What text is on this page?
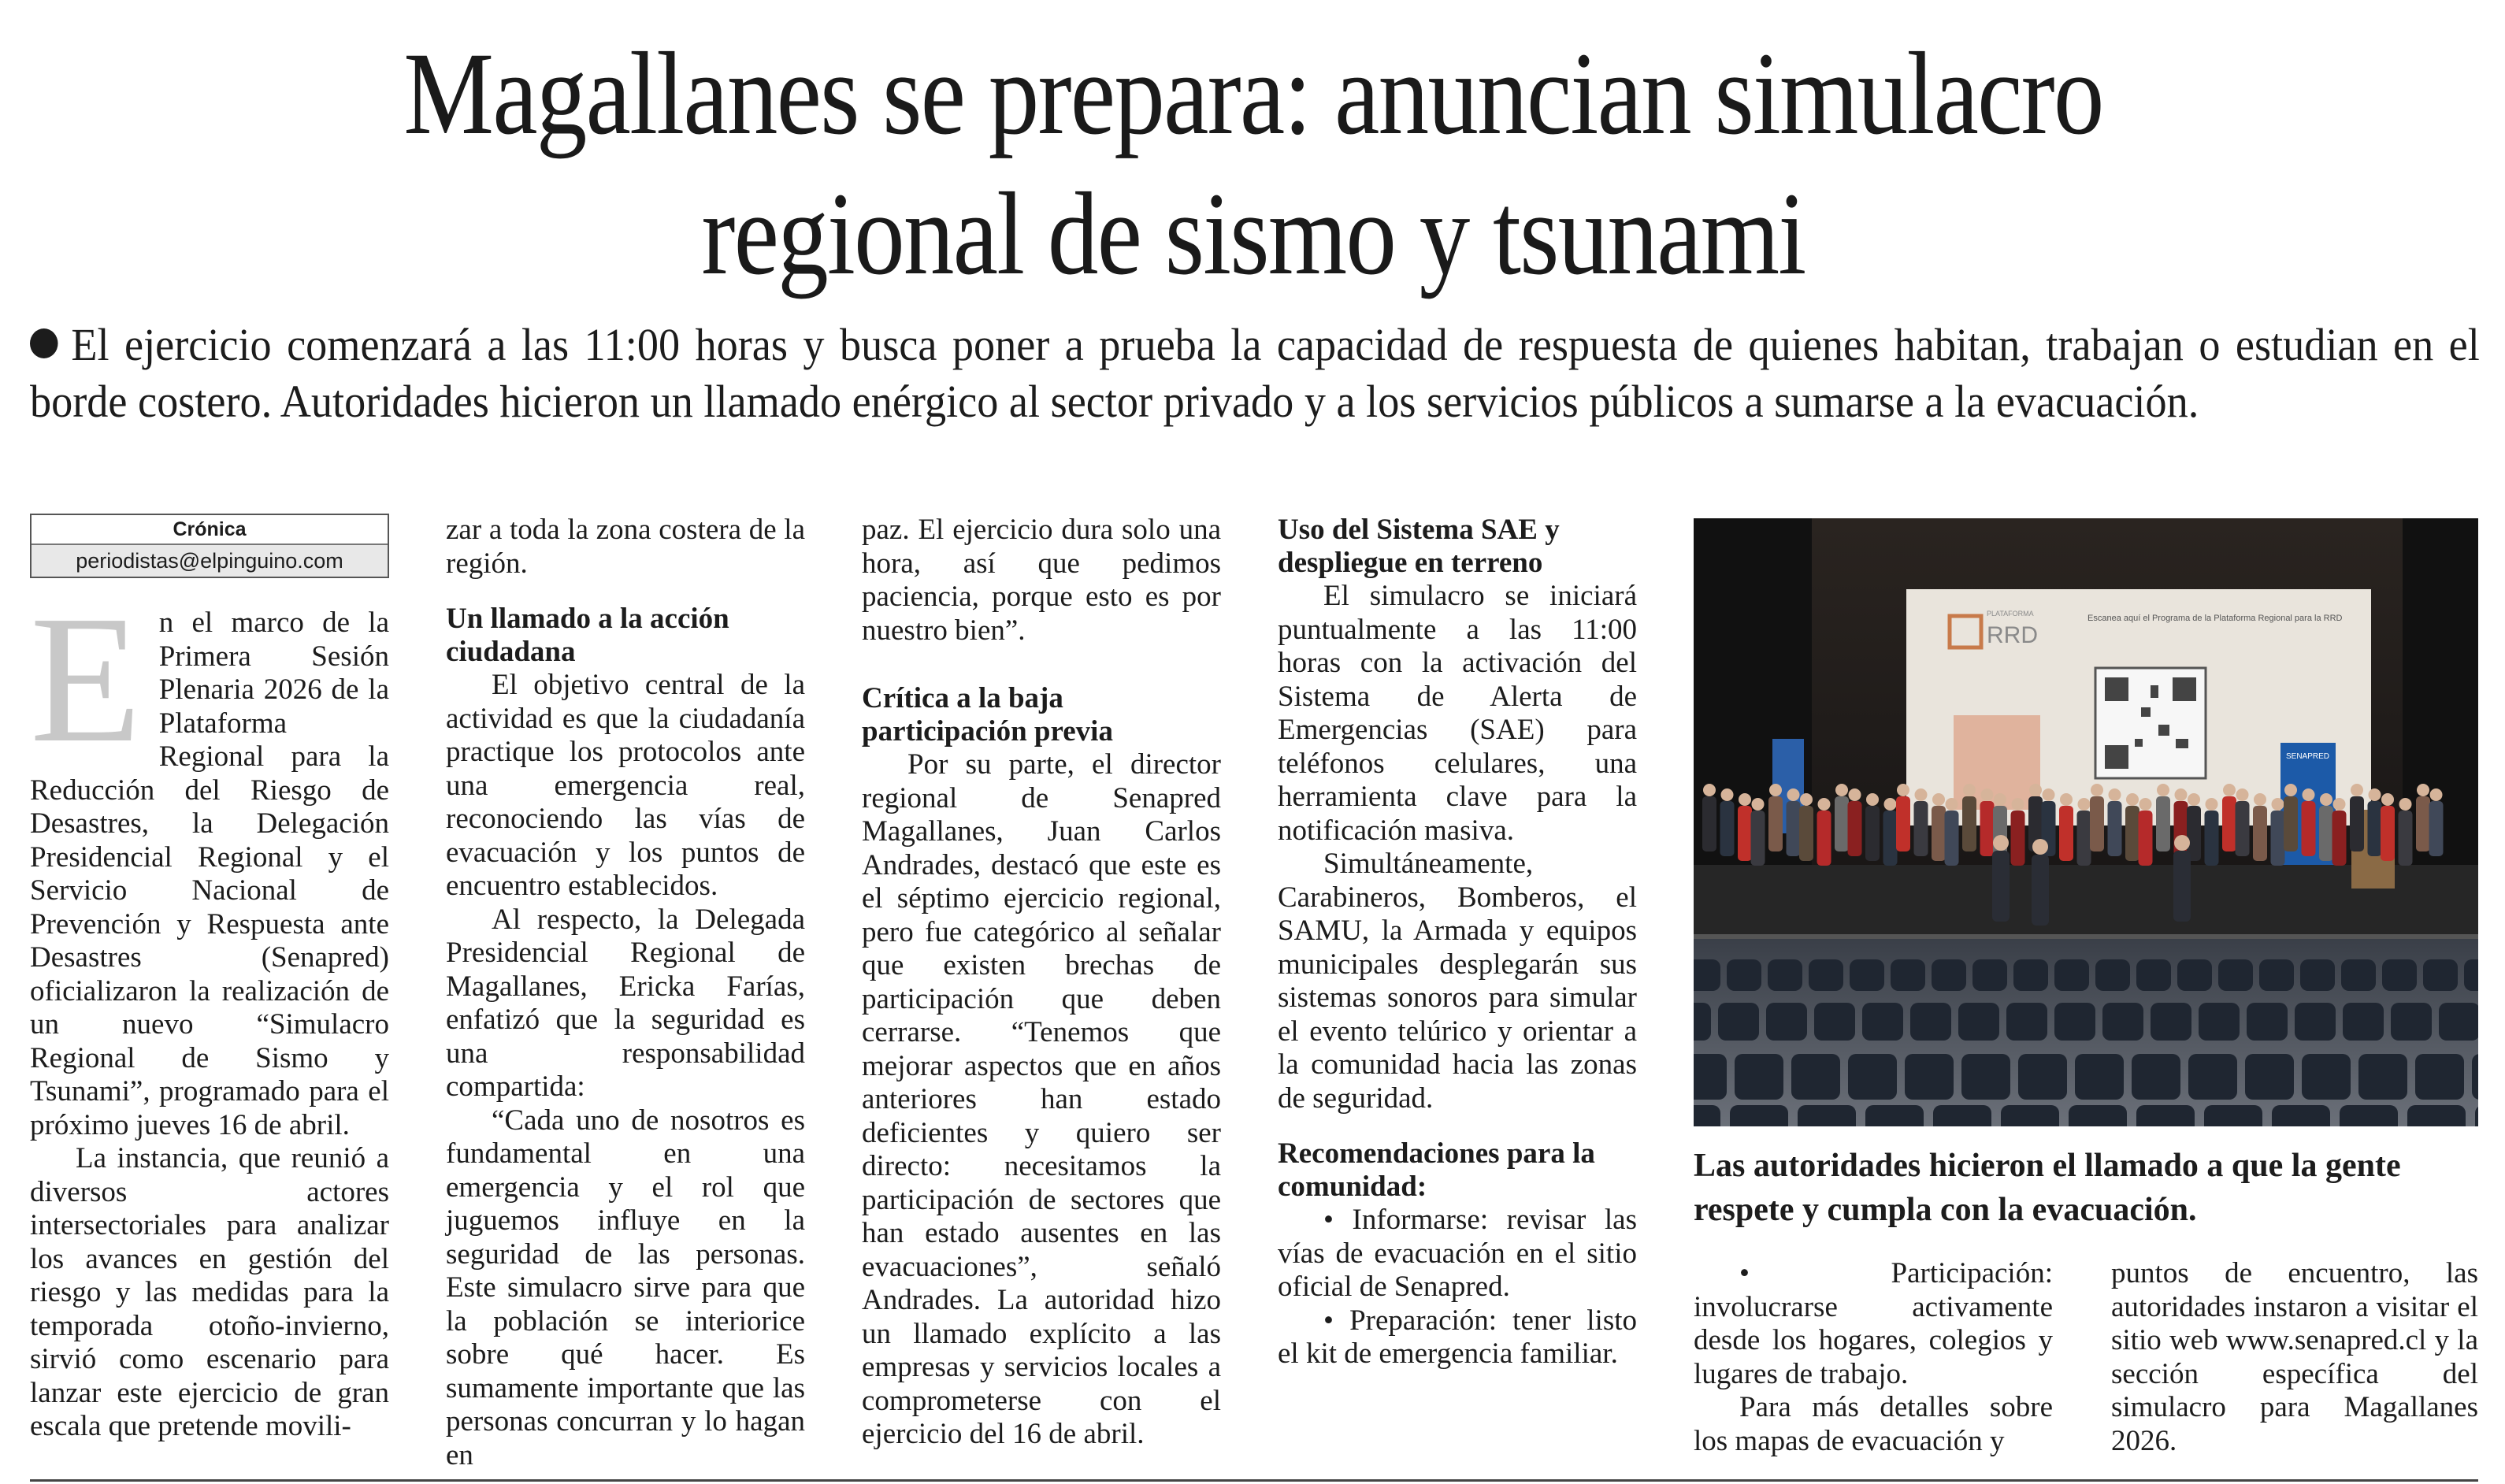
Magallanes se prepara: anuncian simulacro
regional de sismo y tsunami

El ejercicio comenzará a las 11:00 horas y busca poner a prueba la capacidad de respuesta de quienes habitan, trabajan o estudian en el borde costero. Autoridades hicieron un llamado enérgico al sector privado y a los servicios públicos a sumarse a la evacuación.

Crónica
periodistas@elpinguino.com

En el marco de la Primera Sesión Plenaria 2026 de la Plataforma Regional para la Reducción del Riesgo de Desastres, la Delegación Presidencial Regional y el Servicio Nacional de Prevención y Respuesta ante Desastres (Senapred) oficializaron la realización de un nuevo “Simulacro Regional de Sismo y Tsunami”, programado para el próximo jueves 16 de abril.

La instancia, que reunió a diversos actores intersectoriales para analizar los avances en gestión del riesgo y las medidas para la temporada otoño-invierno, sirvió como escenario para lanzar este ejercicio de gran escala que pretende movili-

zar a toda la zona costera de la región.

Un llamado a la acción ciudadana

El objetivo central de la actividad es que la ciudadanía practique los protocolos ante una emergencia real, reconociendo las vías de evacuación y los puntos de encuentro establecidos.

Al respecto, la Delegada Presidencial Regional de Magallanes, Ericka Farías, enfatizó que la seguridad es una responsabilidad compartida:

“Cada uno de nosotros es fundamental en una emergencia y el rol que juguemos influye en la seguridad de las personas. Este simulacro sirve para que la población se interiorice sobre qué hacer. Es sumamente importante que las personas concurran y lo hagan en

paz. El ejercicio dura solo una hora, así que pedimos paciencia, porque esto es por nuestro bien”.

Crítica a la baja participación previa

Por su parte, el director regional de Senapred Magallanes, Juan Carlos Andrades, destacó que este es el séptimo ejercicio regional, pero fue categórico al señalar que existen brechas de participación que deben cerrarse. “Tenemos que mejorar aspectos que en años anteriores han estado deficientes y quiero ser directo: necesitamos la participación de sectores que han estado ausentes en las evacuaciones”, señaló Andrades. La autoridad hizo un llamado explícito a las empresas y servicios locales a comprometerse con el ejercicio del 16 de abril.

Uso del Sistema SAE y despliegue en terreno

El simulacro se iniciará puntualmente a las 11:00 horas con la activación del Sistema de Alerta de Emergencias (SAE) para teléfonos celulares, una herramienta clave para la notificación masiva.

Simultáneamente, Carabineros, Bomberos, el SAMU, la Armada y equipos municipales desplegarán sus sistemas sonoros para simular el evento telúrico y orientar a la comunidad hacia las zonas de seguridad.

Recomendaciones para la comunidad:

• Informarse: revisar las vías de evacuación en el sitio oficial de Senapred.

• Preparación: tener listo el kit de emergencia familiar.

RRD
PLATAFORMA	Escanea aquí el Programa de la Plataforma Regional para la RRD
SENAPRED

Las autoridades hicieron el llamado a que la gente respete y cumpla con la evacuación.

• Participación: involucrarse activamente desde los hogares, colegios y lugares de trabajo.

Para más detalles sobre los mapas de evacuación y

puntos de encuentro, las autoridades instaron a visitar el sitio web www.senapred.cl y la sección específica del simulacro para Magallanes 2026.
